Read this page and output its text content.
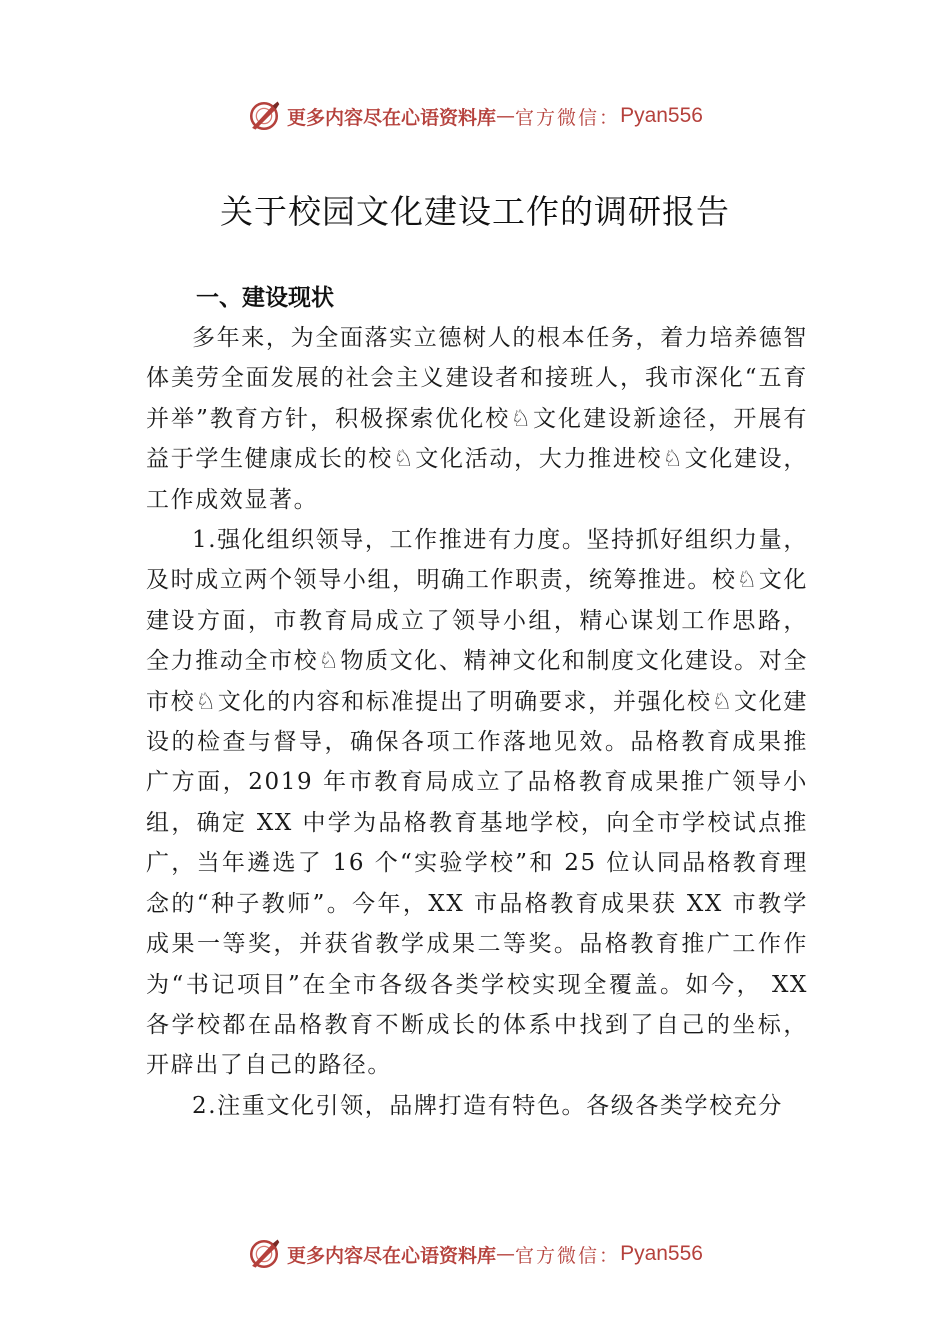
更多内容尽在心语资料库 — 官方微信： Pyan556
关于校园文化建设工作的调研报告

一、建设现状

多年来，为全面落实立德树人的根本任务，着力培养德智体美劳全面发展的社会主义建设者和接班人，我市深化“五育并举”教育方针，积极探索优化校♘文化建设新途径，开展有益于学生健康成长的校♘文化活动，大力推进校♘文化建设，工作成效显著。

1.强化组织领导，工作推进有力度。坚持抓好组织力量，及时成立两个领导小组，明确工作职责，统筹推进。校♘文化建设方面，市教育局成立了领导小组，精心谋划工作思路， 全力推动全市校♘物质文化、精神文化和制度文化建设。对全市校♘文化的内容和标准提出了明确要求，并强化校♘文化建设的检查与督导，确保各项工作落地见效。品格教育成果推广方面，2019 年市教育局成立了品格教育成果推广领导小组，确定 XX 中学为品格教育基地学校，向全市学校试点推广，当年遴选了 16 个“实验学校”和 25 位认同品格教育理念的“种子教师”。今年，XX 市品格教育成果获 XX 市教学成果一等奖，并获省教学成果二等奖。品格教育推广工作作为“书记项目”在全市各级各类学校实现全覆盖。如今， XX 各学校都在品格教育不断成长的体系中找到了自己的坐标，开辟出了自己的路径。

2.注重文化引领，品牌打造有特色。各级各类学校充分

更多内容尽在心语资料库 — 官方微信： Pyan556
